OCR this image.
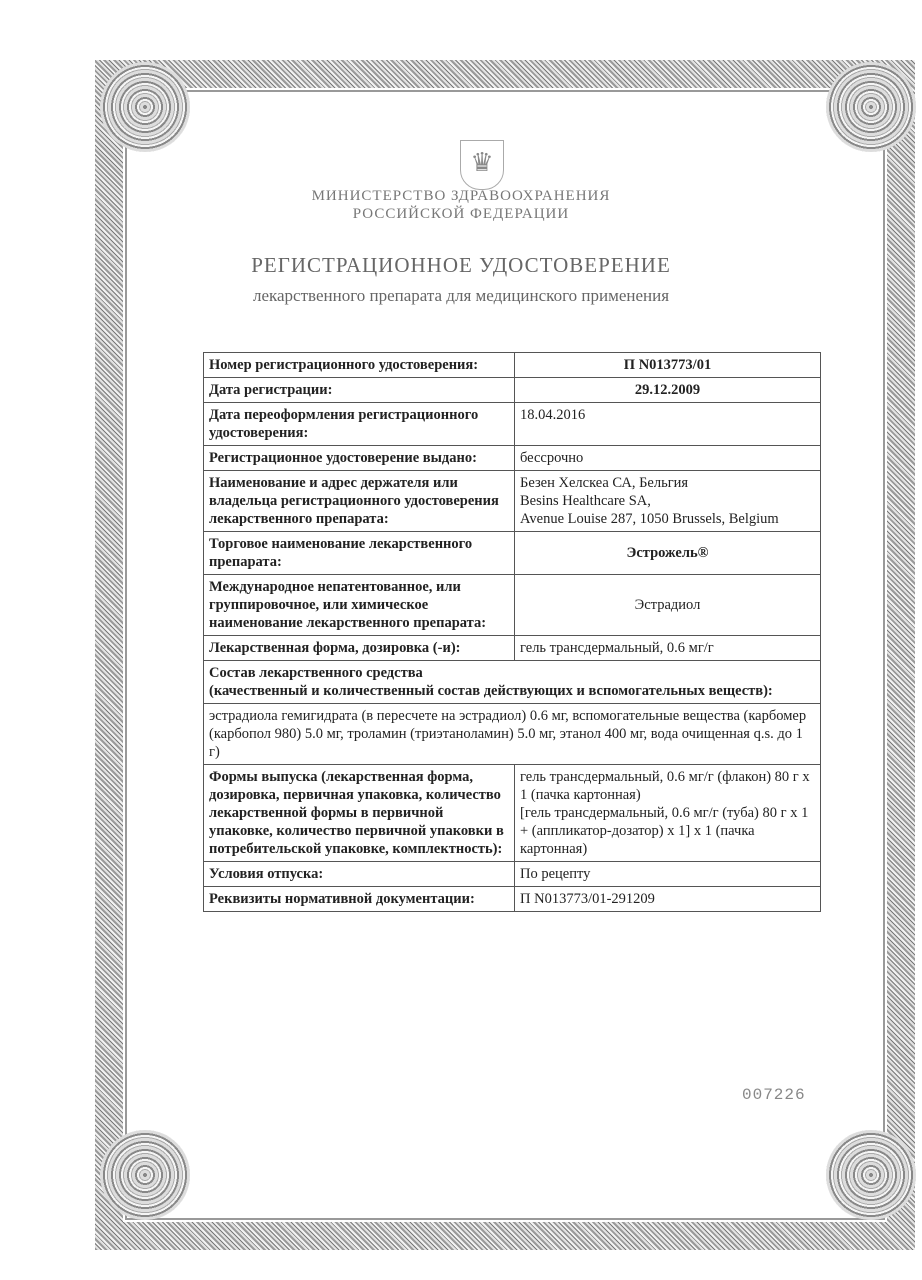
♛
МИНИСТЕРСТВО ЗДРАВООХРАНЕНИЯ
РОССИЙСКОЙ ФЕДЕРАЦИИ
РЕГИСТРАЦИОННОЕ УДОСТОВЕРЕНИЕ
лекарственного препарата для медицинского применения
Номер регистрационного удостоверения:	П N013773/01
Дата регистрации:	29.12.2009
Дата переоформления регистрационного удостоверения:	18.04.2016
Регистрационное удостоверение выдано:	бессрочно
Наименование и адрес держателя или владельца регистрационного удостоверения лекарственного препарата:	Безен Хелскеа СА, Бельгия
Besins Healthcare SA,
Avenue Louise 287, 1050 Brussels, Belgium

Торговое наименование лекарственного препарата:	Эстрожель®
Международное непатентованное, или группировочное, или химическое наименование лекарственного препарата:	Эстрадиол
Лекарственная форма, дозировка (-и):	гель трансдермальный, 0.6 мг/г

Состав лекарственного средства
(качественный и количественный состав действующих и вспомогательных веществ):	

эстрадиола гемигидрата (в пересчете на эстрадиол) 0.6 мг, вспомогательные вещества (карбомер (карбопол 980) 5.0 мг, троламин (триэтаноламин) 5.0 мг, этанол 400 мг, вода очищенная q.s. до 1 г)	
Формы выпуска (лекарственная форма, дозировка, первичная упаковка, количество лекарственной формы в первичной упаковке, количество первичной упаковки в потребительской упаковке, комплектность):	гель трансдермальный, 0.6 мг/г (флакон) 80 г х 1 (пачка картонная)
[гель трансдермальный, 0.6 мг/г (туба) 80 г х 1 + (аппликатор-дозатор) х 1] х 1 (пачка картонная)

Условия отпуска:	По рецепту
Реквизиты нормативной документации:	П N013773/01-291209
007226
